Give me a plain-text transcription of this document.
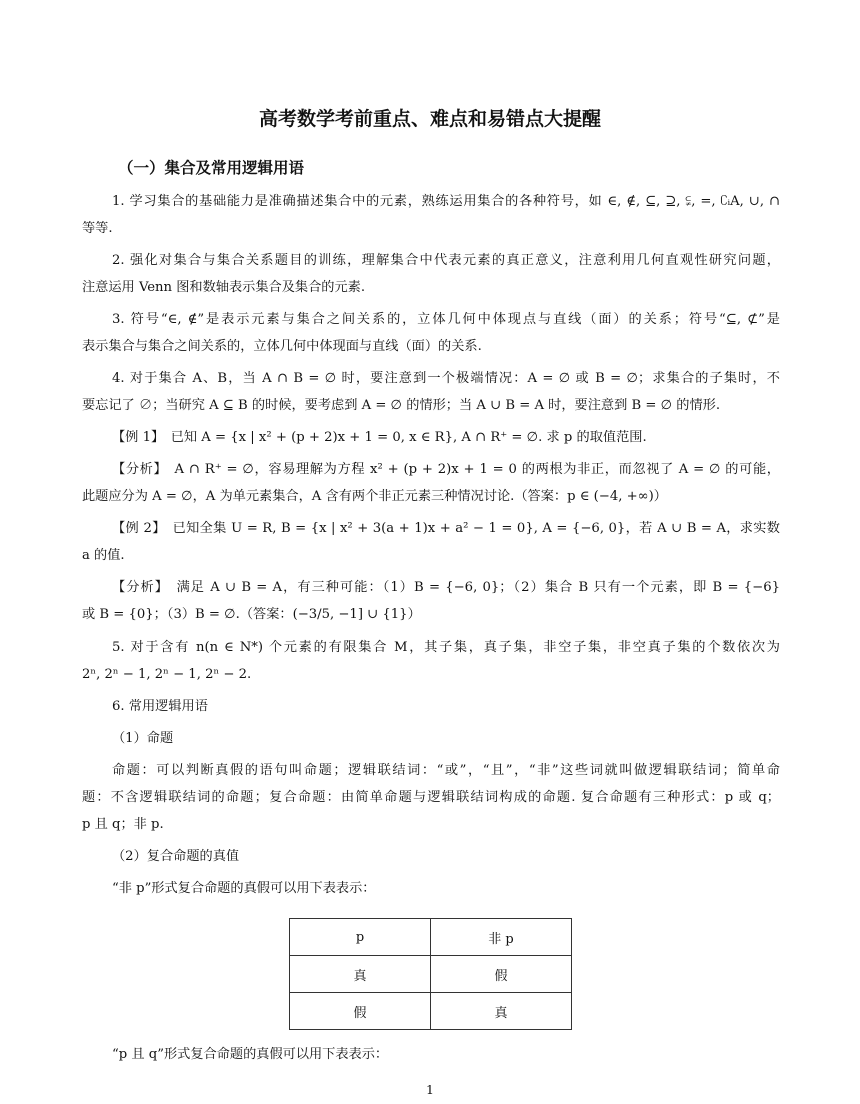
高考数学考前重点、难点和易错点大提醒
（一）集合及常用逻辑用语
1. 学习集合的基础能力是准确描述集合中的元素，熟练运用集合的各种符号，如 ∈, ∉, ⊆, ⊇, ⫋, =, ∁ᵢA, ∪, ∩
等等.
2. 强化对集合与集合关系题目的训练，理解集合中代表元素的真正意义，注意利用几何直观性研究问题，
注意运用 Venn 图和数轴表示集合及集合的元素.
3. 符号“∈, ∉”是表示元素与集合之间关系的，立体几何中体现点与直线（面）的关系；符号“⊆, ⊄”是
表示集合与集合之间关系的，立体几何中体现面与直线（面）的关系.
4. 对于集合 A、B，当 A ∩ B = ∅ 时，要注意到一个极端情况：A = ∅ 或 B = ∅；求集合的子集时，不
要忘记了 ∅；当研究 A ⊆ B 的时候，要考虑到 A = ∅ 的情形；当 A ∪ B = A 时，要注意到 B = ∅ 的情形.
【例 1】　已知 A = {x | x² + (p + 2)x + 1 = 0, x ∈ R}, A ∩ R⁺ = ∅. 求 p 的取值范围.
【分析】　A ∩ R⁺ = ∅，容易理解为方程 x² + (p + 2)x + 1 = 0 的两根为非正，而忽视了 A = ∅ 的可能，
此题应分为 A = ∅，A 为单元素集合，A 含有两个非正元素三种情况讨论.（答案：p ∈ (−4, +∞)）
【例 2】　已知全集 U = R, B = {x | x² + 3(a + 1)x + a² − 1 = 0}, A = {−6, 0}，若 A ∪ B = A，求实数
a 的值.
【分析】　满足 A ∪ B = A，有三种可能：（1）B = {−6, 0}；（2）集合 B 只有一个元素，即 B = {−6}
或 B = {0}；（3）B = ∅.（答案：(−3/5, −1] ∪ {1}）
5. 对于含有 n(n ∈ N*) 个元素的有限集合 M，其子集，真子集，非空子集，非空真子集的个数依次为
2ⁿ, 2ⁿ − 1, 2ⁿ − 1, 2ⁿ − 2.
6. 常用逻辑用语
（1）命题
命题：可以判断真假的语句叫命题；逻辑联结词：“或”，“且”，“非”这些词就叫做逻辑联结词；简单命
题：不含逻辑联结词的命题；复合命题：由简单命题与逻辑联结词构成的命题. 复合命题有三种形式：p 或 q；
p 且 q；非 p.
（2）复合命题的真值
“非 p”形式复合命题的真假可以用下表表示：
p	非 p
真	假
假	真
“p 且 q”形式复合命题的真假可以用下表表示：
1
